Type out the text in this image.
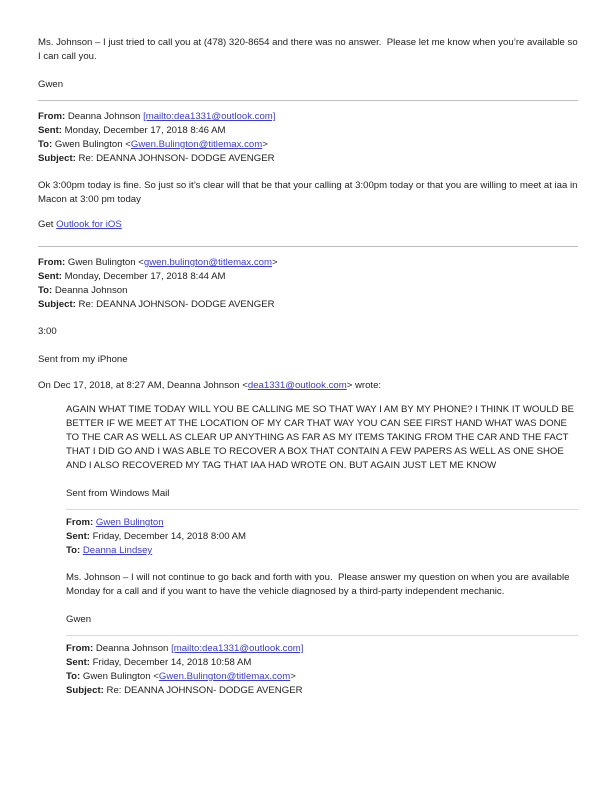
Ms. Johnson – I just tried to call you at (478) 320-8654 and there was no answer.  Please let me know when you’re available so I can call you.

Gwen

From: Deanna Johnson [mailto:dea1331@outlook.com]

Sent: Monday, December 17, 2018 8:46 AM

To: Gwen Bulington <Gwen.Bulington@titlemax.com>

Subject: Re: DEANNA JOHNSON- DODGE AVENGER

Ok 3:00pm today is fine. So just so it’s clear will that be that your calling at 3:00pm today or that you are willing to meet at iaa in Macon at 3:00 pm today

Get Outlook for iOS

From: Gwen Bulington <gwen.bulington@titlemax.com>

Sent: Monday, December 17, 2018 8:44 AM

To: Deanna Johnson

Subject: Re: DEANNA JOHNSON- DODGE AVENGER

3:00

Sent from my iPhone

On Dec 17, 2018, at 8:27 AM, Deanna Johnson <dea1331@outlook.com> wrote:

AGAIN WHAT TIME TODAY WILL YOU BE CALLING ME SO THAT WAY I AM BY MY PHONE? I THINK IT WOULD BE BETTER IF WE MEET AT THE LOCATION OF MY CAR THAT WAY YOU CAN SEE FIRST HAND WHAT WAS DONE TO THE CAR AS WELL AS CLEAR UP ANYTHING AS FAR AS MY ITEMS TAKING FROM THE CAR AND THE FACT THAT I DID GO AND I WAS ABLE TO RECOVER A BOX THAT CONTAIN A FEW PAPERS AS WELL AS ONE SHOE AND I ALSO RECOVERED MY TAG THAT IAA HAD WROTE ON. BUT AGAIN JUST LET ME KNOW

Sent from Windows Mail

From: Gwen Bulington

Sent: Friday, December 14, 2018 8:00 AM

To: Deanna Lindsey

Ms. Johnson – I will not continue to go back and forth with you.  Please answer my question on when you are available Monday for a call and if you want to have the vehicle diagnosed by a third-party independent mechanic.

Gwen

From: Deanna Johnson [mailto:dea1331@outlook.com]

Sent: Friday, December 14, 2018 10:58 AM

To: Gwen Bulington <Gwen.Bulington@titlemax.com>

Subject: Re: DEANNA JOHNSON- DODGE AVENGER
